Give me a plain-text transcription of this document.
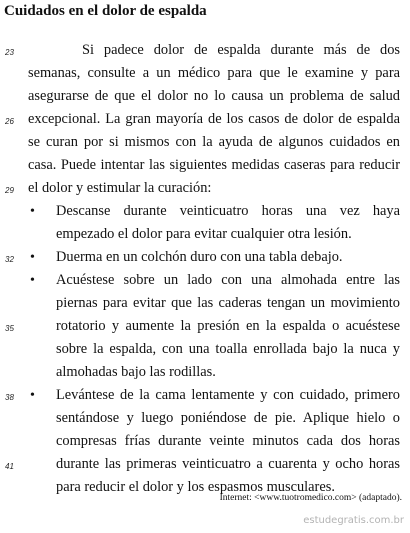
Cuidados en el dolor de espalda
23
26
29
32
35
38
41
Si padece dolor de espalda durante más de dos
semanas, consulte a un médico para que le examine y para
asegurarse de que el dolor no lo causa un problema de salud
excepcional. La gran mayoría de los casos de dolor de espalda
se curan por si mismos con la ayuda de algunos cuidados en
casa. Puede intentar las siguientes medidas caseras para reducir
el dolor y estimular la curación:
• Descanse durante veinticuatro horas una vez haya
empezado el dolor para evitar cualquier otra lesión.
• Duerma en un colchón duro con una tabla debajo.
• Acuéstese sobre un lado con una almohada entre las
piernas para evitar que las caderas tengan un movimiento
rotatorio y aumente la presión en la espalda o acuéstese
sobre la espalda, con una toalla enrollada bajo la nuca y
almohadas bajo las rodillas.
• Levántese de la cama lentamente y con cuidado, primero
sentándose y luego poniéndose de pie. Aplique hielo o
compresas frías durante veinte minutos cada dos horas
durante las primeras veinticuatro a cuarenta y ocho horas
para reducir el dolor y los espasmos musculares.
Internet: <www.tuotromedico.com> (adaptado).
estudegratis.com.br
